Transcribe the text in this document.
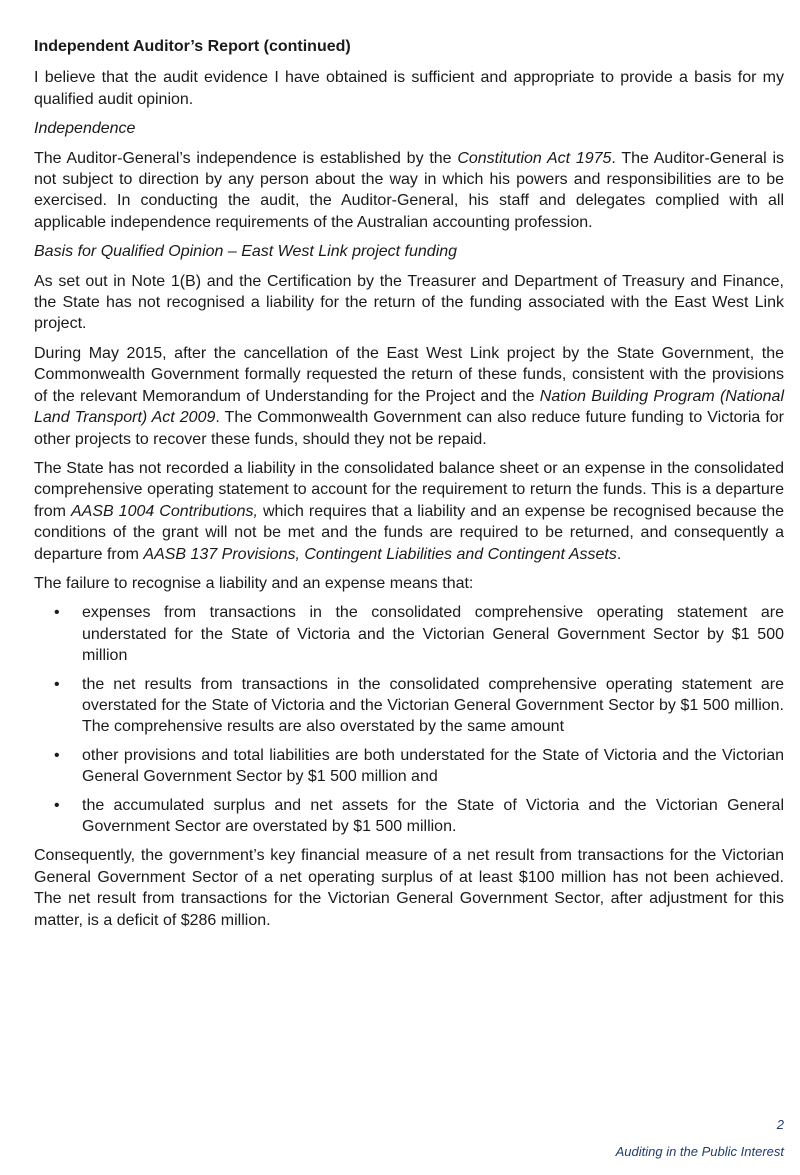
Independent Auditor’s Report (continued)

I believe that the audit evidence I have obtained is sufficient and appropriate to provide a basis for my qualified audit opinion.

Independence

The Auditor-General’s independence is established by the Constitution Act 1975. The Auditor-General is not subject to direction by any person about the way in which his powers and responsibilities are to be exercised. In conducting the audit, the Auditor-General, his staff and delegates complied with all applicable independence requirements of the Australian accounting profession.

Basis for Qualified Opinion – East West Link project funding

As set out in Note 1(B) and the Certification by the Treasurer and Department of Treasury and Finance, the State has not recognised a liability for the return of the funding associated with the East West Link project.

During May 2015, after the cancellation of the East West Link project by the State Government, the Commonwealth Government formally requested the return of these funds, consistent with the provisions of the relevant Memorandum of Understanding for the Project and the Nation Building Program (National Land Transport) Act 2009. The Commonwealth Government can also reduce future funding to Victoria for other projects to recover these funds, should they not be repaid.

The State has not recorded a liability in the consolidated balance sheet or an expense in the consolidated comprehensive operating statement to account for the requirement to return the funds. This is a departure from AASB 1004 Contributions, which requires that a liability and an expense be recognised because the conditions of the grant will not be met and the funds are required to be returned, and consequently a departure from AASB 137 Provisions, Contingent Liabilities and Contingent Assets.

The failure to recognise a liability and an expense means that:

• expenses from transactions in the consolidated comprehensive operating statement are understated for the State of Victoria and the Victorian General Government Sector by $1 500 million
• the net results from transactions in the consolidated comprehensive operating statement are overstated for the State of Victoria and the Victorian General Government Sector by $1 500 million. The comprehensive results are also overstated by the same amount
• other provisions and total liabilities are both understated for the State of Victoria and the Victorian General Government Sector by $1 500 million and
• the accumulated surplus and net assets for the State of Victoria and the Victorian General Government Sector are overstated by $1 500 million.

Consequently, the government’s key financial measure of a net result from transactions for the Victorian General Government Sector of a net operating surplus of at least $100 million has not been achieved. The net result from transactions for the Victorian General Government Sector, after adjustment for this matter, is a deficit of $286 million.

2
Auditing in the Public Interest
